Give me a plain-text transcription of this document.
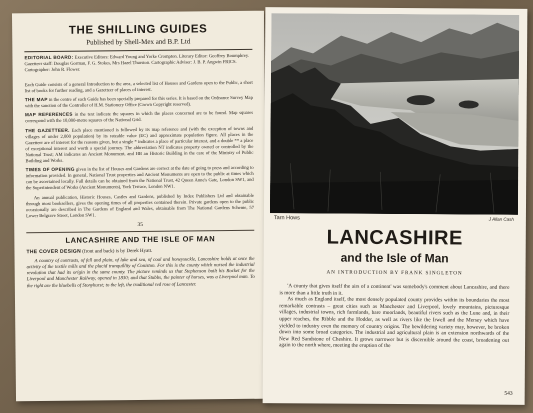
THE SHILLING GUIDES
Published by Shell-Mex and B.P. Ltd
EDITORIAL BOARD: Executive Editors: Edward Young and Yorke Crompton. Literary Editor: Geoffrey Boumphrey. Gazetteer staff: Douglas Gorman, F. G. Stokes, Mrs Hazel Thurston. Cartographic Adviser: J. B. P. Angwin FRICS. Cartographer: John R. Flower.
Each Guide consists of a general Introduction to the area, a selected list of Houses and Gardens open to the Public, a short list of books for further reading, and a Gazetteer of places of interest.
THE MAP in the centre of each Guide has been specially prepared for this series. It is based on the Ordnance Survey Map with the sanction of the Controller of H.M. Stationery Office (Crown Copyright reserved).
MAP REFERENCES in the text indicate the squares in which the places concerned are to be found. Map squares correspond with the 10,000-metre squares of the National Grid.
THE GAZETTEER. Each place mentioned is followed by its map reference and (with the exception of towns and villages of under 2,000 population) by its rateable value (EC) and approximate population figure. All places in the Gazetteer are of interest for the reasons given, but a single * indicates a place of particular interest, and a double ** a place of exceptional interest and worth a special journey. The abbreviation NT indicates property owned or controlled by the National Trust; AM indicates an Ancient Monument, and HB an Historic Building in the care of the Ministry of Public Building and Works.
TIMES OF OPENING given in the list of Houses and Gardens are correct at the date of going to press and according to information provided. In general, National Trust properties and Ancient Monuments are open to the public at times which can be ascertained locally. Full details can be obtained from the National Trust, 42 Queen Anne's Gate, London SW1, and the Superintendent of Works (Ancient Monuments), York Terrace, London NW1.
An annual publication, Historic Houses, Castles and Gardens, published by Index Publishers Ltd and obtainable through most booksellers, gives the opening times of all properties contained therein. Private gardens open to the public occasionally are described in The Gardens of England and Wales, obtainable from The National Gardens Scheme, 57 Lower Belgrave Street, London SW1.
35
LANCASHIRE AND THE ISLE OF MAN
THE COVER DESIGN (front and back) is by Derek Hyatt.
A country of contrasts, of fell and plain, of lake and sea, of coal and honeysuckle, Lancashire holds at once the activity of the textile mills and the placid tranquillity of Coniston. For this is the county which nursed the industrial revolution that had its origin in the same county. The picture reminds us that Stephenson built his Rocket for the Liverpool and Manchester Railway, opened in 1830; and that Stubbs, the painter of horses, was a Liverpool man. To the right are the bluebells of Stonyhurst; to the left, the traditional red rose of Lancaster.
Tarn Hows	J Allan Cash
LANCASHIRE
and the Isle of Man
AN INTRODUCTION BY FRANK SINGLETON

'A county that gives itself the airs of a continent' was somebody's comment about Lancashire, and there is more than a little truth in it.

As much as England itself, the most densely populated county provides within its boundaries the most remarkable contrasts – great cities such as Manchester and Liverpool, lovely mountains, picturesque villages, industrial towns, rich farmlands, bare moorlands, beautiful rivers such as the Lune and, in their upper reaches, the Ribble and the Hodder, as well as rivers like the Irwell and the Mersey which have yielded to industry even the memory of country origins. The bewildering variety may, however, be broken down into some broad categories. The industrial and agricultural plain is an extension northwards of the New Red Sandstone of Cheshire. It grows narrower but is discernible around the coast, broadening out again to the north where, meeting the eruption of the

543
